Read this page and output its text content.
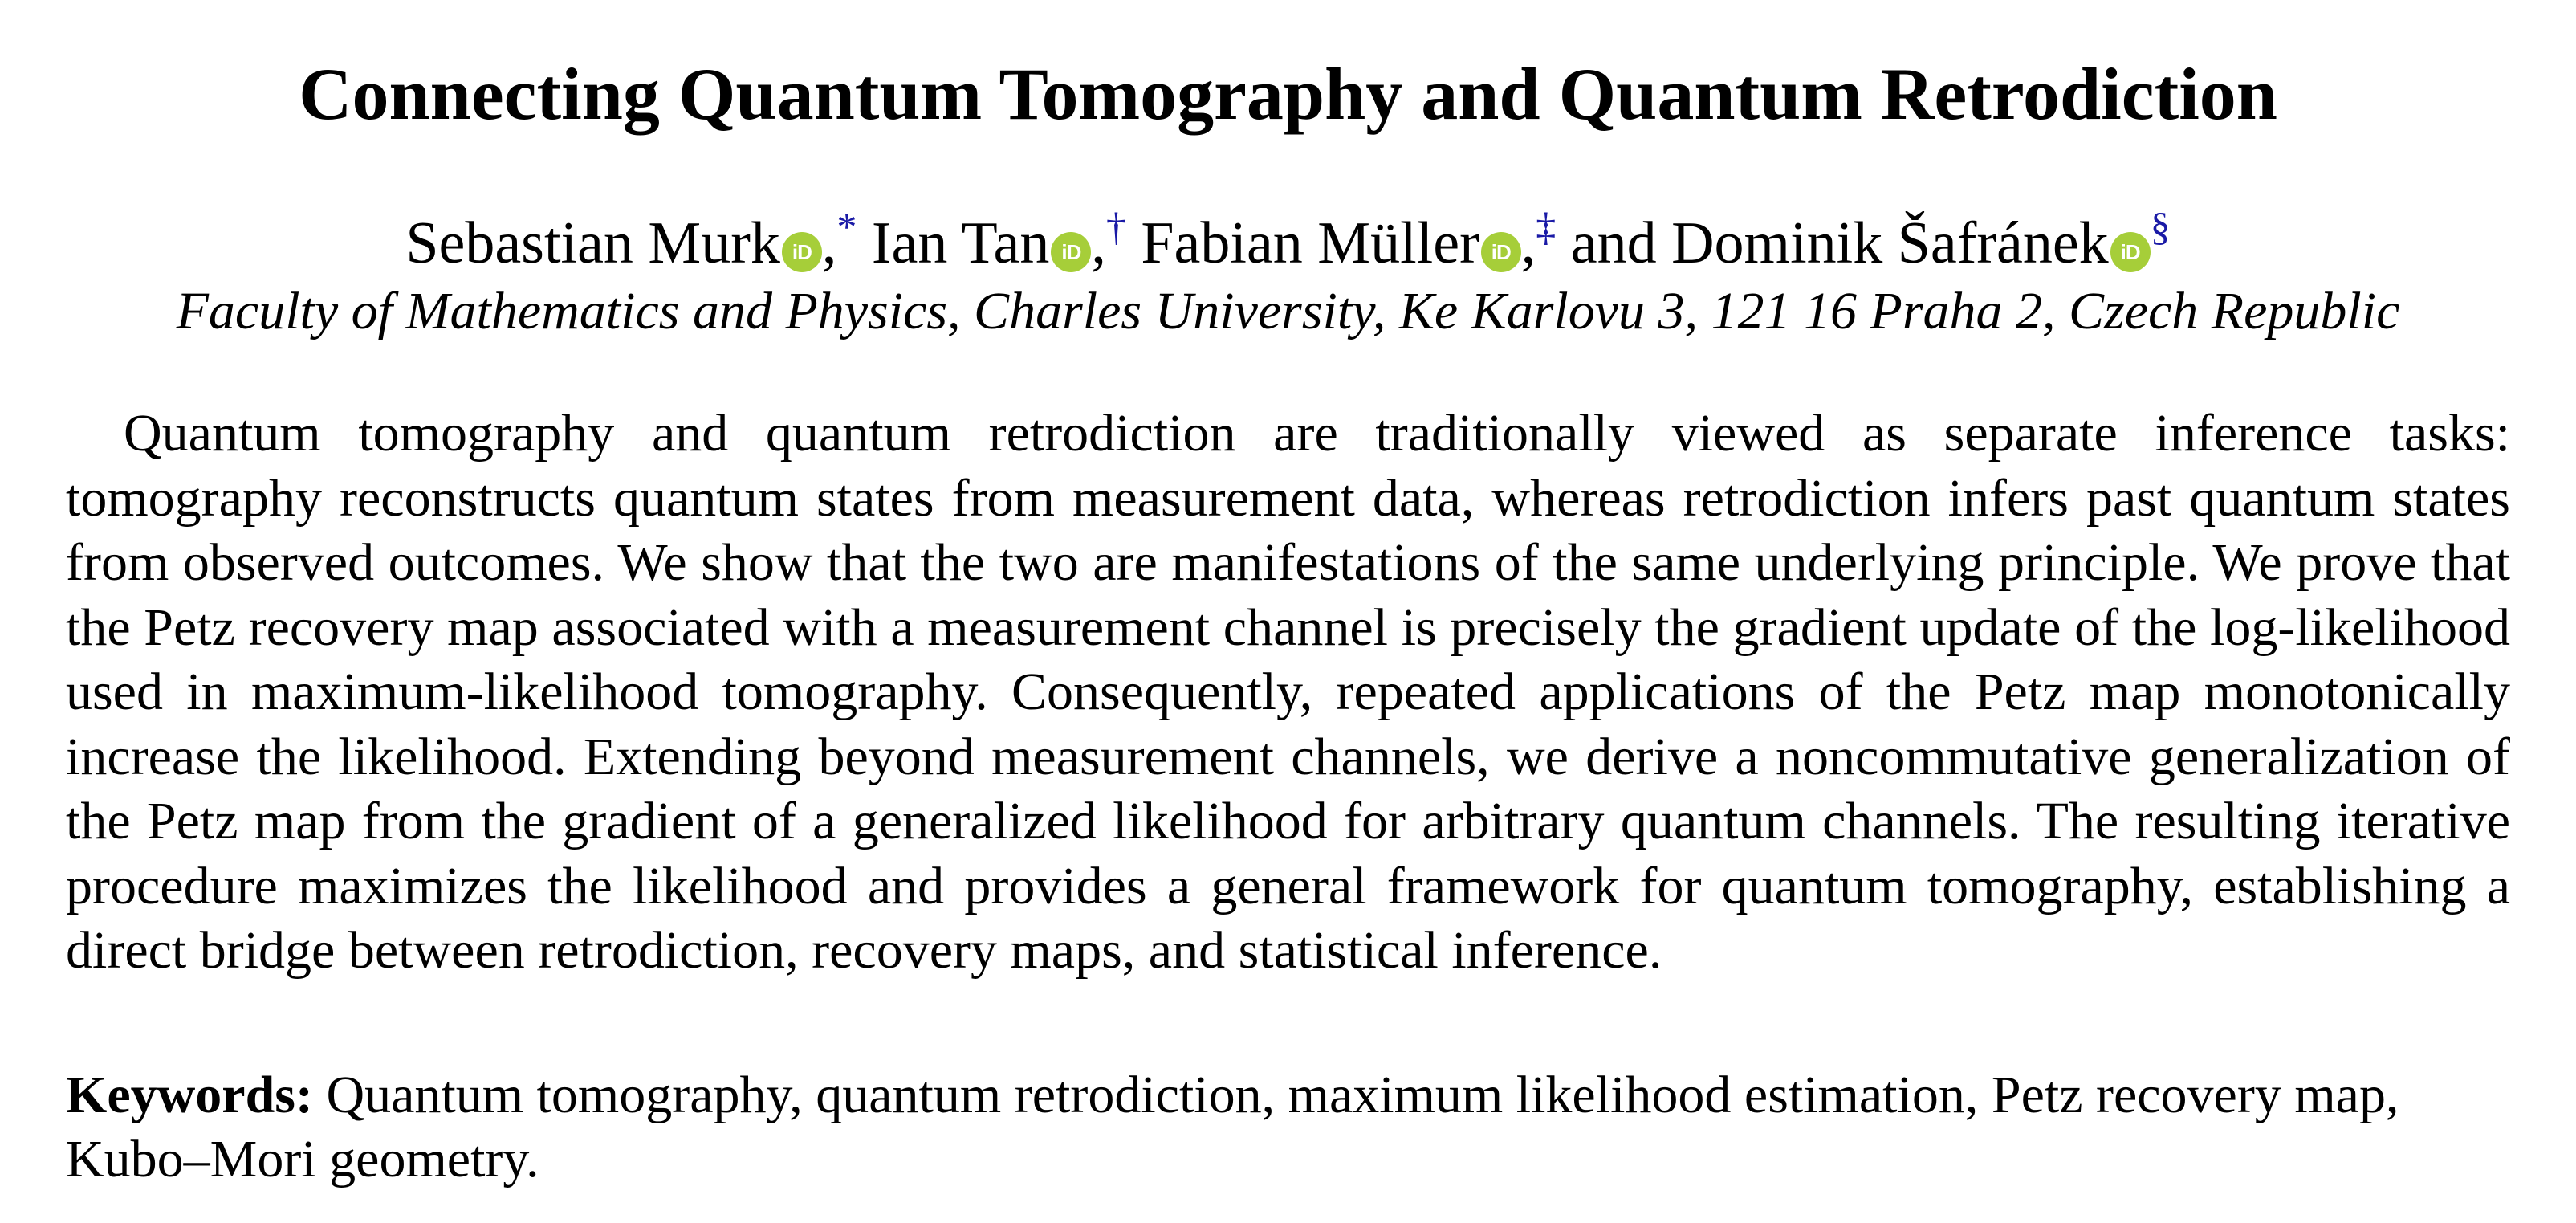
Connecting Quantum Tomography and Quantum Retrodiction
Sebastian Murk iD ,* Ian Tan iD ,† Fabian Müller iD ,‡ and Dominik Šafránek iD§
Faculty of Mathematics and Physics, Charles University, Ke Karlovu 3, 121 16 Praha 2, Czech Republic

Quantum tomography and quantum retrodiction are traditionally viewed as separate inference tasks: tomography reconstructs quantum states from measurement data, whereas retrodiction infers past quantum states from observed outcomes. We show that the two are manifestations of the same underlying principle. We prove that the Petz recovery map associated with a measurement channel is precisely the gradient update of the log-likelihood used in maximum-likelihood tomography. Consequently, repeated applications of the Petz map monotonically increase the likelihood. Extending beyond measurement channels, we derive a noncommutative generalization of the Petz map from the gradient of a generalized likelihood for arbitrary quantum channels. The resulting iterative procedure maximizes the likelihood and provides a general framework for quantum tomography, establishing a direct bridge between retrodiction, recovery maps, and statistical inference.

Keywords: Quantum tomography, quantum retrodiction, maximum likelihood estimation, Petz recovery map, Kubo–Mori geometry.
